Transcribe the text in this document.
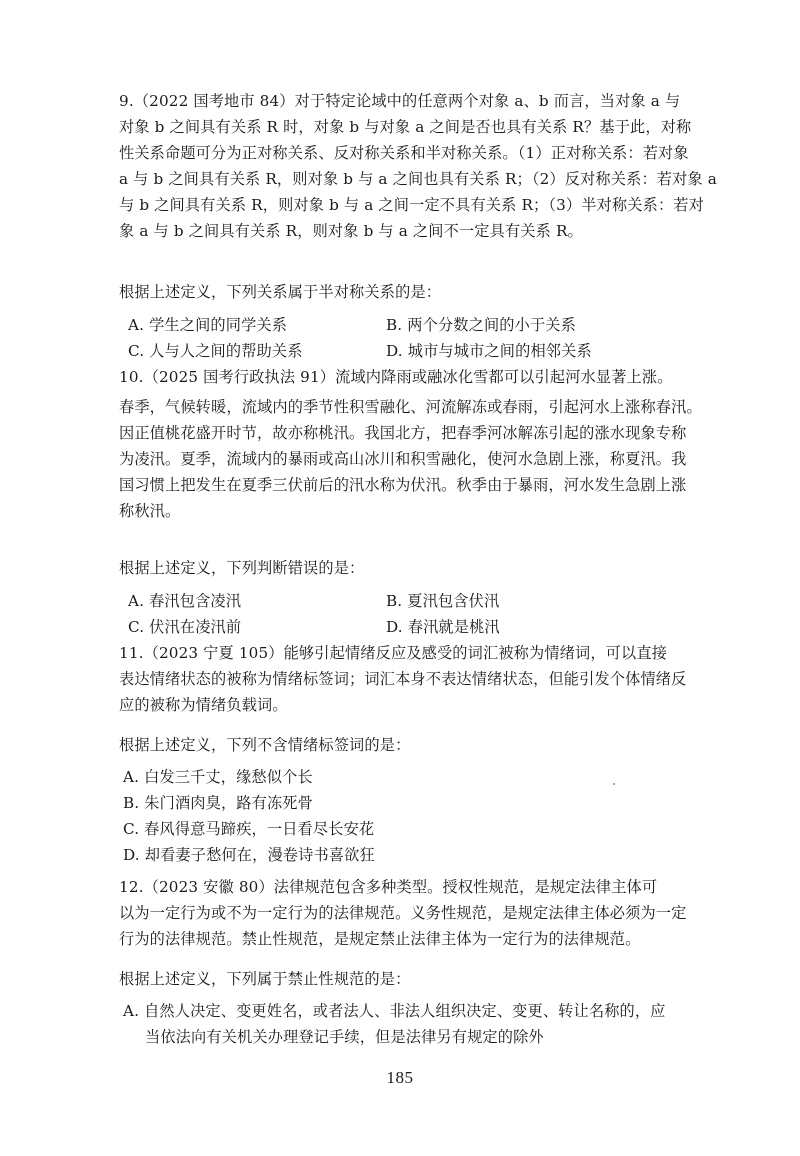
9.（2022 国考地市 84）对于特定论域中的任意两个对象 a、b 而言，当对象 a 与
对象 b 之间具有关系 R 时，对象 b 与对象 a 之间是否也具有关系 R？基于此，对称
性关系命题可分为正对称关系、反对称关系和半对称关系。（1）正对称关系：若对象
a 与 b 之间具有关系 R，则对象 b 与 a 之间也具有关系 R；（2）反对称关系：若对象 a
与 b 之间具有关系 R，则对象 b 与 a 之间一定不具有关系 R；（3）半对称关系：若对
象 a 与 b 之间具有关系 R，则对象 b 与 a 之间不一定具有关系 R。
根据上述定义，下列关系属于半对称关系的是：
A. 学生之间的同学关系	B. 两个分数之间的小于关系
C. 人与人之间的帮助关系	D. 城市与城市之间的相邻关系
10.（2025 国考行政执法 91）流域内降雨或融冰化雪都可以引起河水显著上涨。
春季，气候转暖，流域内的季节性积雪融化、河流解冻或春雨，引起河水上涨称春汛。
因正值桃花盛开时节，故亦称桃汛。我国北方，把春季河冰解冻引起的涨水现象专称
为凌汛。夏季，流域内的暴雨或高山冰川和积雪融化，使河水急剧上涨，称夏汛。我
国习惯上把发生在夏季三伏前后的汛水称为伏汛。秋季由于暴雨，河水发生急剧上涨
称秋汛。
根据上述定义，下列判断错误的是：
A. 春汛包含凌汛	B. 夏汛包含伏汛
C. 伏汛在凌汛前	D. 春汛就是桃汛
11.（2023 宁夏 105）能够引起情绪反应及感受的词汇被称为情绪词，可以直接
表达情绪状态的被称为情绪标签词；词汇本身不表达情绪状态，但能引发个体情绪反
应的被称为情绪负载词。
根据上述定义，下列不含情绪标签词的是：
A. 白发三千丈，缘愁似个长
B. 朱门酒肉臭，路有冻死骨
C. 春风得意马蹄疾，一日看尽长安花
D. 却看妻子愁何在，漫卷诗书喜欲狂
12.（2023 安徽 80）法律规范包含多种类型。授权性规范，是规定法律主体可
以为一定行为或不为一定行为的法律规范。义务性规范，是规定法律主体必须为一定
行为的法律规范。禁止性规范，是规定禁止法律主体为一定行为的法律规范。
根据上述定义，下列属于禁止性规范的是：
A. 自然人决定、变更姓名，或者法人、非法人组织决定、变更、转让名称的，应
当依法向有关机关办理登记手续，但是法律另有规定的除外
185
